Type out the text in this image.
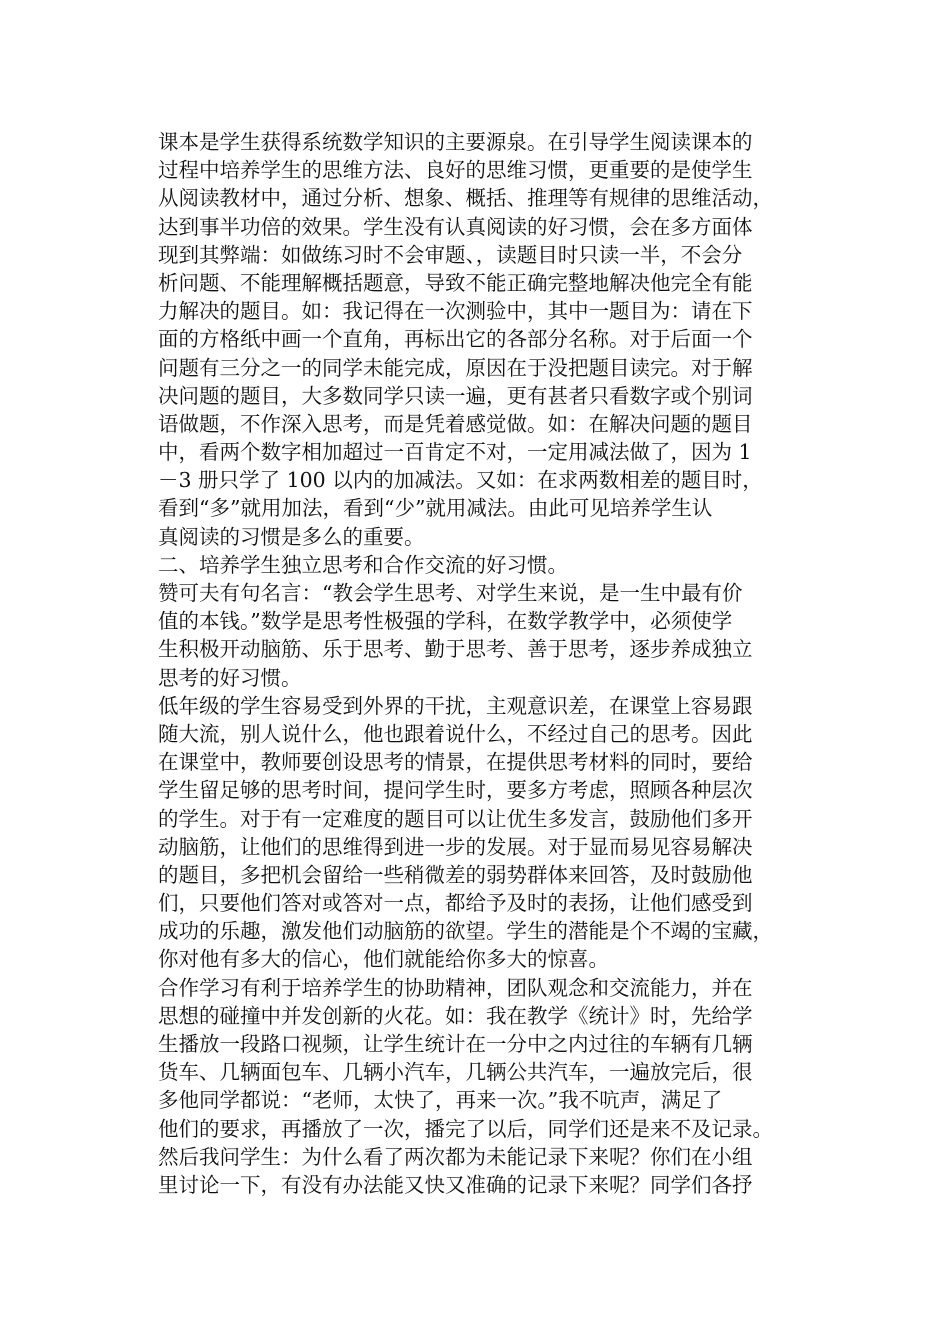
课本是学生获得系统数学知识的主要源泉。在引导学生阅读课本的
过程中培养学生的思维方法、良好的思维习惯，更重要的是使学生
从阅读教材中，通过分析、想象、概括、推理等有规律的思维活动，
达到事半功倍的效果。学生没有认真阅读的好习惯，会在多方面体
现到其弊端：如做练习时不会审题、，读题目时只读一半，不会分
析问题、不能理解概括题意，导致不能正确完整地解决他完全有能
力解决的题目。如：我记得在一次测验中，其中一题目为：请在下
面的方格纸中画一个直角，再标出它的各部分名称。对于后面一个
问题有三分之一的同学未能完成，原因在于没把题目读完。对于解
决问题的题目，大多数同学只读一遍，更有甚者只看数字或个别词
语做题，不作深入思考，而是凭着感觉做。如：在解决问题的题目
中，看两个数字相加超过一百肯定不对，一定用减法做了，因为 1
－3 册只学了 100 以内的加减法。又如：在求两数相差的题目时，
看到“多”就用加法，看到“少”就用减法。由此可见培养学生认
真阅读的习惯是多么的重要。
二、培养学生独立思考和合作交流的好习惯。
赞可夫有句名言：“教会学生思考、对学生来说，是一生中最有价
值的本钱。”数学是思考性极强的学科，在数学教学中，必须使学
生积极开动脑筋、乐于思考、勤于思考、善于思考，逐步养成独立
思考的好习惯。
低年级的学生容易受到外界的干扰，主观意识差，在课堂上容易跟
随大流，别人说什么，他也跟着说什么，不经过自己的思考。因此
在课堂中，教师要创设思考的情景，在提供思考材料的同时，要给
学生留足够的思考时间，提问学生时，要多方考虑，照顾各种层次
的学生。对于有一定难度的题目可以让优生多发言，鼓励他们多开
动脑筋，让他们的思维得到进一步的发展。对于显而易见容易解决
的题目，多把机会留给一些稍微差的弱势群体来回答，及时鼓励他
们，只要他们答对或答对一点，都给予及时的表扬，让他们感受到
成功的乐趣，激发他们动脑筋的欲望。学生的潜能是个不竭的宝藏，
你对他有多大的信心，他们就能给你多大的惊喜。
合作学习有利于培养学生的协助精神，团队观念和交流能力，并在
思想的碰撞中并发创新的火花。如：我在教学《统计》时，先给学
生播放一段路口视频，让学生统计在一分中之内过往的车辆有几辆
货车、几辆面包车、几辆小汽车，几辆公共汽车，一遍放完后，很
多他同学都说：“老师，太快了，再来一次。”我不吭声，满足了
他们的要求，再播放了一次，播完了以后，同学们还是来不及记录。
然后我问学生：为什么看了两次都为未能记录下来呢？你们在小组
里讨论一下，有没有办法能又快又准确的记录下来呢？同学们各抒
